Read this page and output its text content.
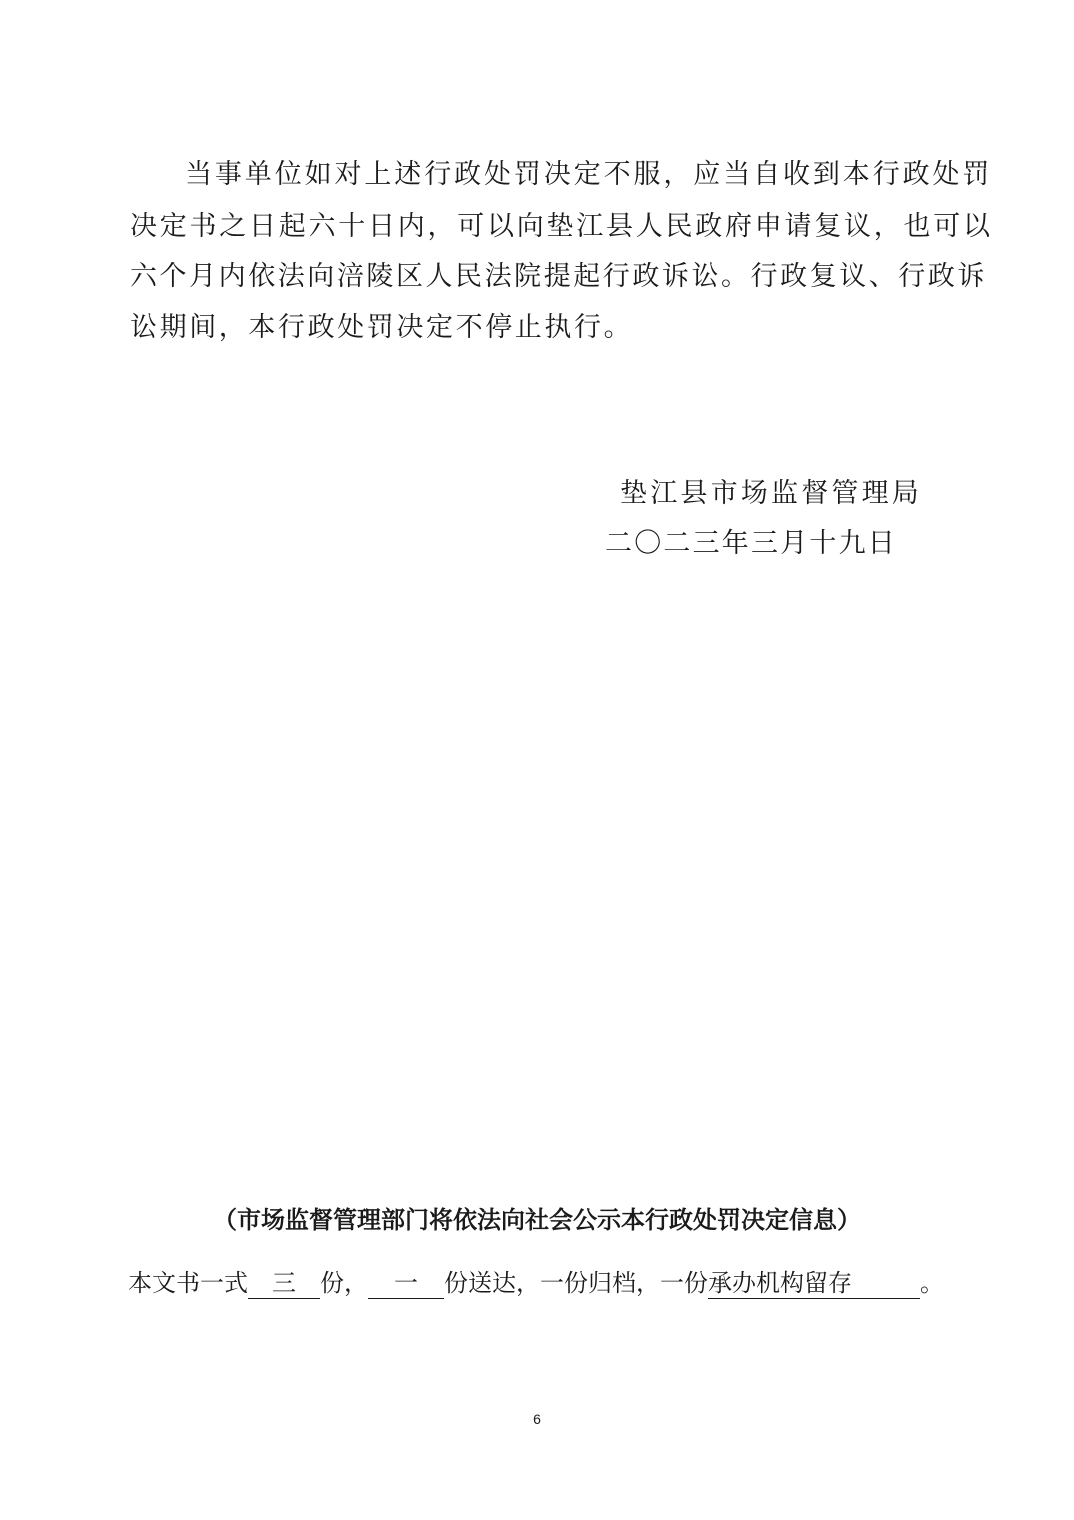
当事单位如对上述行政处罚决定不服，应当自收到本行政处罚
决定书之日起六十日内，可以向垫江县人民政府申请复议，也可以
六个月内依法向涪陵区人民法院提起行政诉讼。行政复议、行政诉
讼期间，本行政处罚决定不停止执行。
垫江县市场监督管理局
二〇二三年三月十九日
（市场监督管理部门将依法向社会公示本行政处罚决定信息）
本文书一式 三 份， 一 份送达，一份归档，一份承办机构留存	。
6
